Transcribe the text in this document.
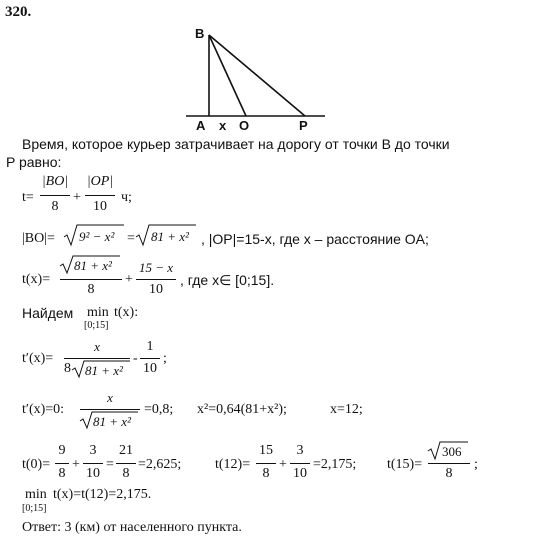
320.
B
A x O	P
Время, которое курьер затрачивает на дорогу от точки B до точки
P равно:
t=
|BO|
8
+
|OP|
10
ч;
|BO|= 9² − x² = 81 + x² , |OP|=15-x, где x – расстояние OA;
t(x)=
81 + x²
8
+
15 − x
10
, где x∈ [0;15].
Найдем min
[0;15]
t(x):
t′(x)=
x
8 81 + x²
-
1
10
;
t′(x)=0:
x
81 + x²
=0,8; x²=0,64(81+x²);	x=12;
t(0)=
9
8
+
3
10
=
21
8
=2,625; t(12)=
15
8
+
3
10
=2,175; t(15)=
306
8
;
min
[0;15]
t(x)=t(12)=2,175.
Ответ: 3 (км) от населенного пункта.
